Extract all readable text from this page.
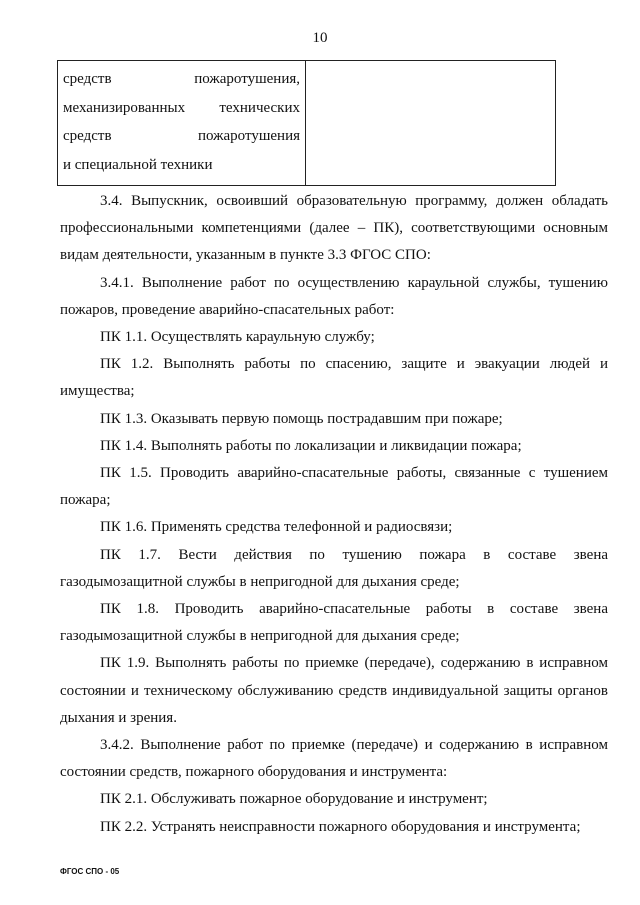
10
средств пожаротушения,
механизированных технических
средств пожаротушения
и специальной техники

3.4. Выпускник, освоивший образовательную программу, должен обладать профессиональными компетенциями (далее – ПК), соответствующими основным видам деятельности, указанным в пункте 3.3 ФГОС СПО:

3.4.1. Выполнение работ по осуществлению караульной службы, тушению пожаров, проведение аварийно-спасательных работ:

ПК 1.1. Осуществлять караульную службу;

ПК 1.2. Выполнять работы по спасению, защите и эвакуации людей и имущества;

ПК 1.3. Оказывать первую помощь пострадавшим при пожаре;

ПК 1.4. Выполнять работы по локализации и ликвидации пожара;

ПК 1.5. Проводить аварийно-спасательные работы, связанные с тушением пожара;

ПК 1.6. Применять средства телефонной и радиосвязи;

ПК 1.7. Вести действия по тушению пожара в составе звена газодымозащитной службы в непригодной для дыхания среде;

ПК 1.8. Проводить аварийно-спасательные работы в составе звена газодымозащитной службы в непригодной для дыхания среде;

ПК 1.9. Выполнять работы по приемке (передаче), содержанию в исправном состоянии и техническому обслуживанию средств индивидуальной защиты органов дыхания и зрения.

3.4.2. Выполнение работ по приемке (передаче) и содержанию в исправном состоянии средств, пожарного оборудования и инструмента:

ПК 2.1. Обслуживать пожарное оборудование и инструмент;

ПК 2.2. Устранять неисправности пожарного оборудования и инструмента;

ФГОС СПО - 05
